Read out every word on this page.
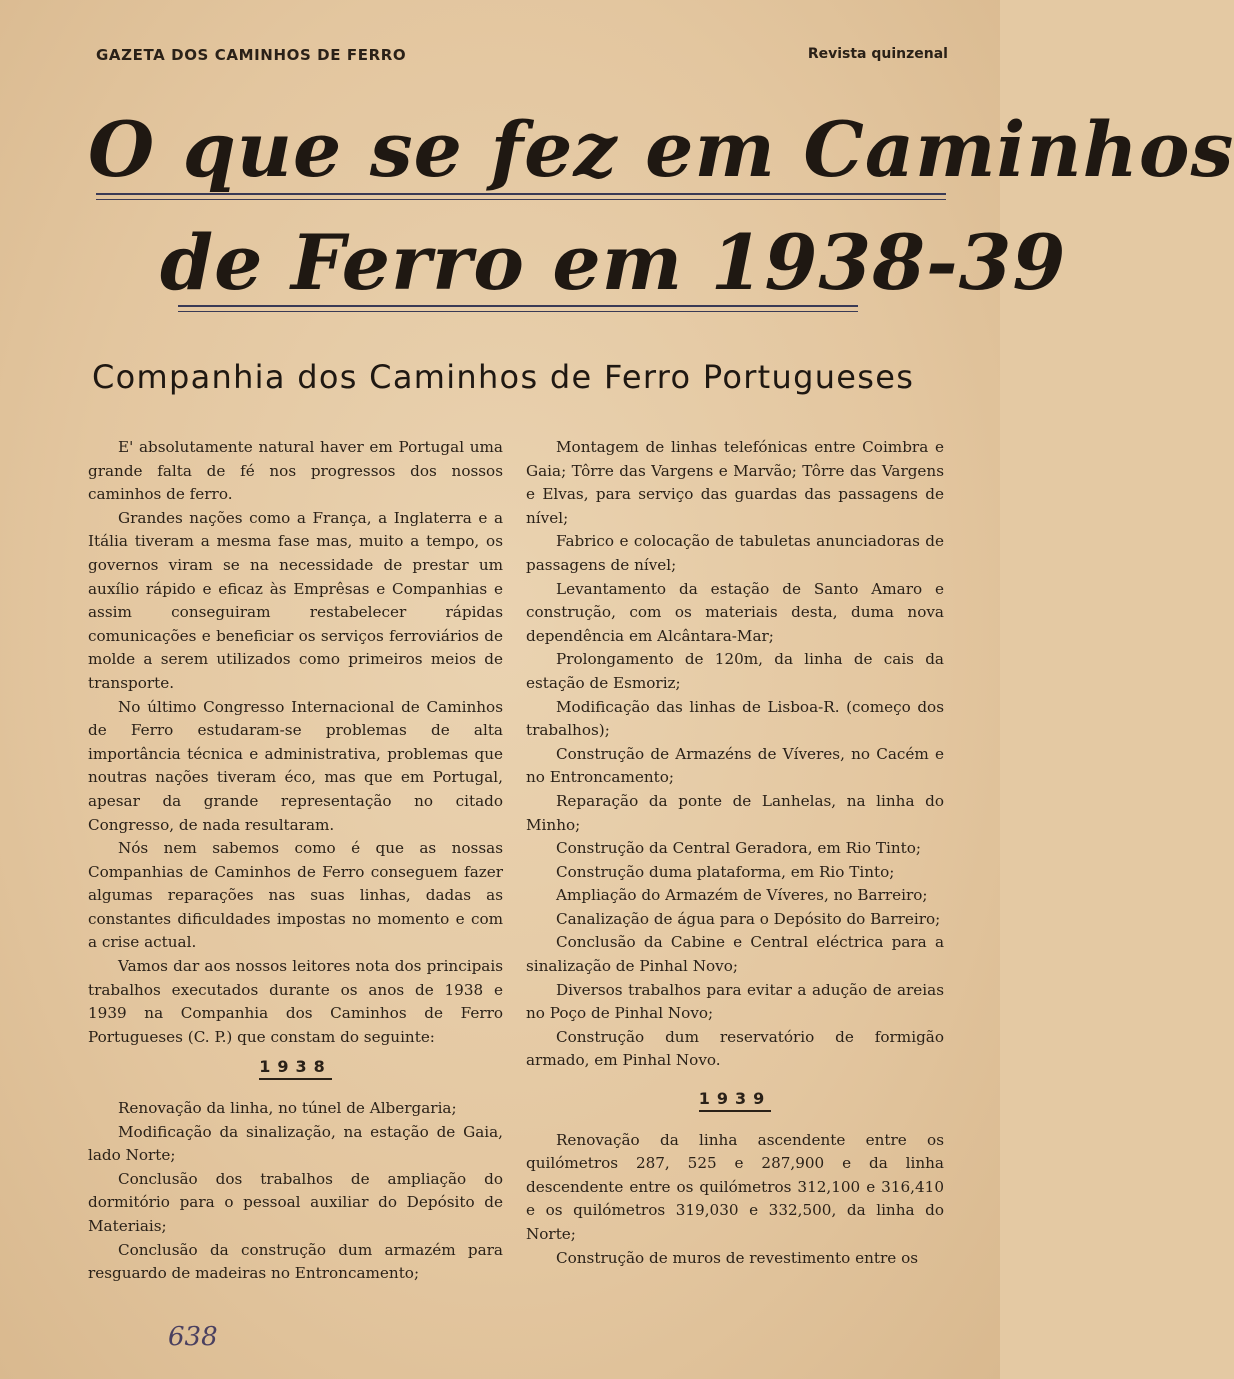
GAZETA DOS CAMINHOS DE FERRO	Revista quinzenal
O que se fez em Caminhos
de Ferro em 1938-39
Companhia dos Caminhos de Ferro Portugueses

E' absolutamente natural haver em Portugal uma grande falta de fé nos progressos dos nossos caminhos de ferro.

Grandes nações como a França, a Inglaterra e a Itália tiveram a mesma fase mas, muito a tempo, os governos viram se na necessidade de prestar um auxílio rápido e eficaz às Emprêsas e Companhias e assim conseguiram restabelecer rápidas comunicações e beneficiar os serviços ferroviários de molde a serem utilizados como primeiros meios de transporte.

No último Congresso Internacional de Caminhos de Ferro estudaram-se problemas de alta importância técnica e administrativa, problemas que noutras nações tiveram éco, mas que em Portugal, apesar da grande representação no citado Congresso, de nada resultaram.

Nós nem sabemos como é que as nossas Companhias de Caminhos de Ferro conseguem fazer algumas reparações nas suas linhas, dadas as constantes dificuldades impostas no momento e com a crise actual.

Vamos dar aos nossos leitores nota dos principais trabalhos executados durante os anos de 1938 e 1939 na Companhia dos Caminhos de Ferro Portugueses (C. P.) que constam do seguinte:

1938

Renovação da linha, no túnel de Albergaria;

Modificação da sinalização, na estação de Gaia, lado Norte;

Conclusão dos trabalhos de ampliação do dormitório para o pessoal auxiliar do Depósito de Materiais;

Conclusão da construção dum armazém para resguardo de madeiras no Entroncamento;

Montagem de linhas telefónicas entre Coimbra e Gaia; Tôrre das Vargens e Marvão; Tôrre das Vargens e Elvas, para serviço das guardas das passagens de nível;

Fabrico e colocação de tabuletas anunciadoras de passagens de nível;

Levantamento da estação de Santo Amaro e construção, com os materiais desta, duma nova dependência em Alcântara-Mar;

Prolongamento de 120m, da linha de cais da estação de Esmoriz;

Modificação das linhas de Lisboa-R. (começo dos trabalhos);

Construção de Armazéns de Víveres, no Cacém e no Entroncamento;

Reparação da ponte de Lanhelas, na linha do Minho;

Construção da Central Geradora, em Rio Tinto;

Construção duma plataforma, em Rio Tinto;

Ampliação do Armazém de Víveres, no Barreiro;

Canalização de água para o Depósito do Barreiro;

Conclusão da Cabine e Central eléctrica para a sinalização de Pinhal Novo;

Diversos trabalhos para evitar a adução de areias no Poço de Pinhal Novo;

Construção dum reservatório de formigão armado, em Pinhal Novo.

1939

Renovação da linha ascendente entre os quilómetros 287, 525 e 287,900 e da linha descendente entre os quilómetros 312,100 e 316,410 e os quilómetros 319,030 e 332,500, da linha do Norte;

Construção de muros de revestimento entre os

638
